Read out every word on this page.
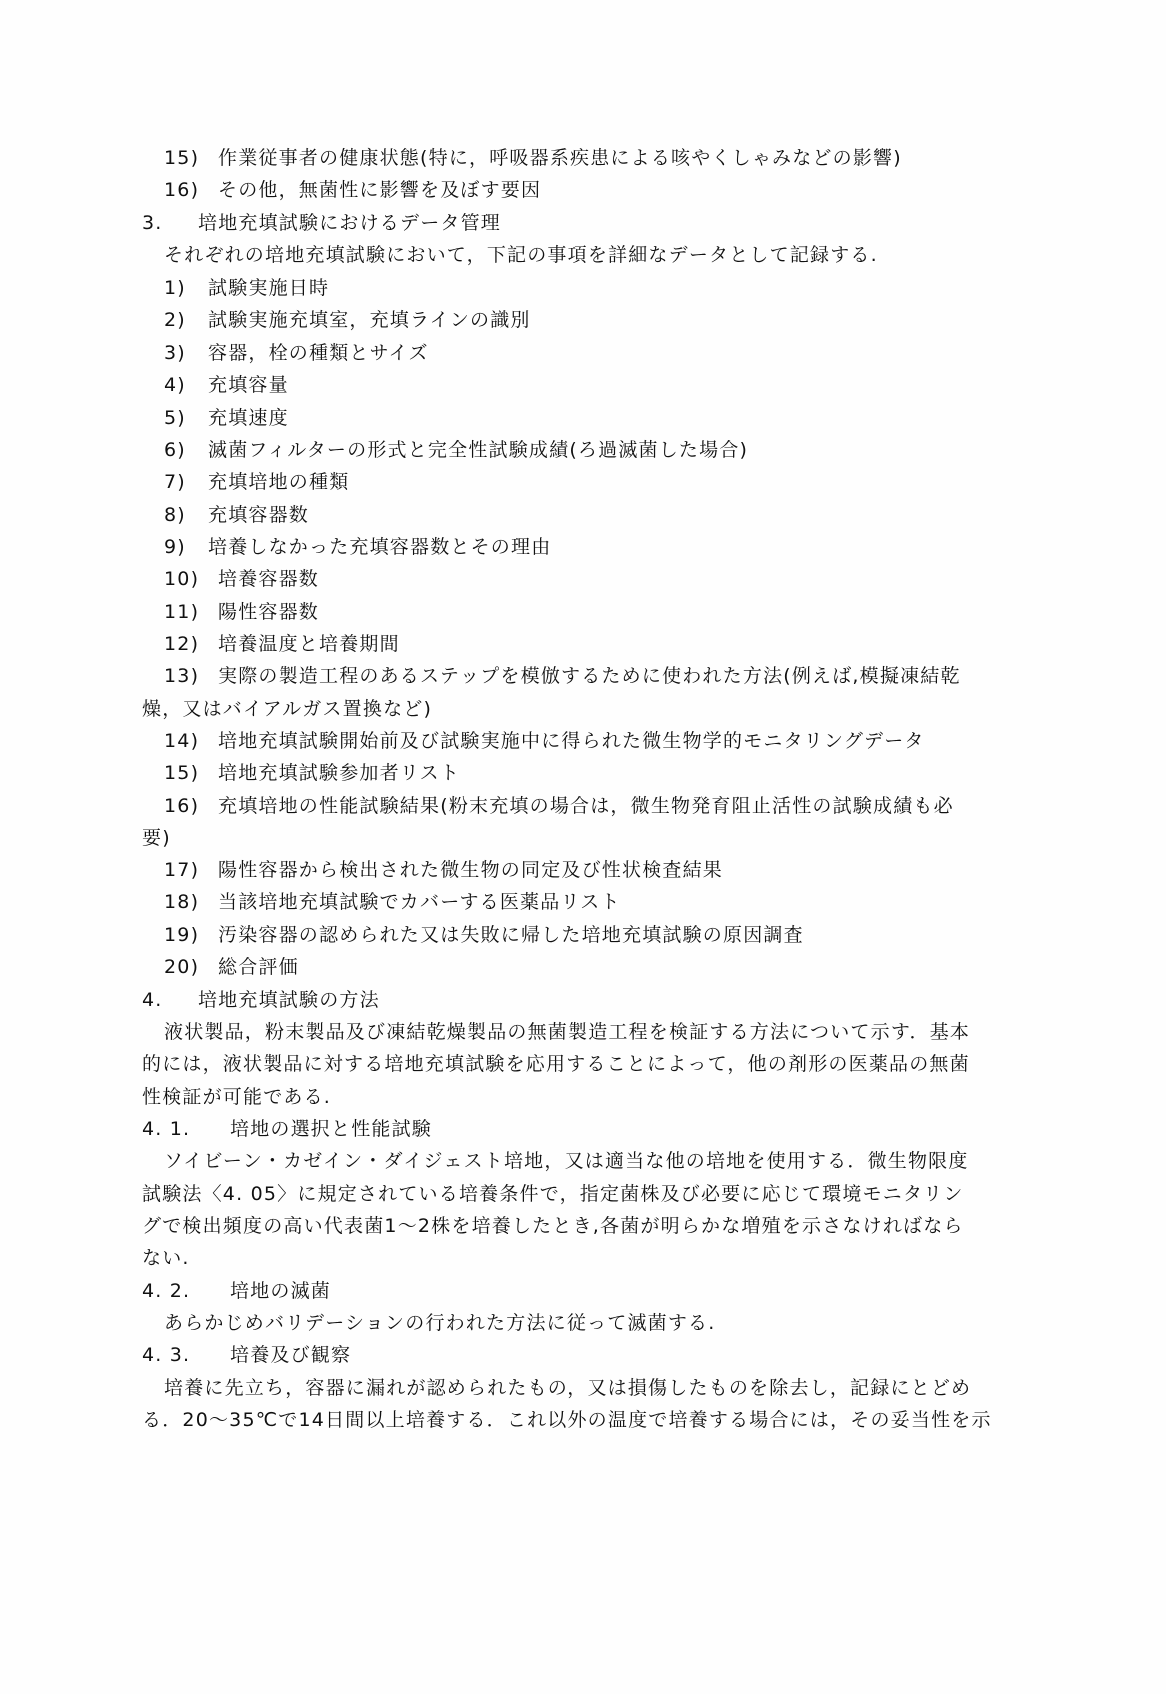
15) 作業従事者の健康状態(特に，呼吸器系疾患による咳やくしゃみなどの影響)
16) その他，無菌性に影響を及ぼす要因
3. 培地充填試験におけるデータ管理
それぞれの培地充填試験において，下記の事項を詳細なデータとして記録する.
1) 試験実施日時
2) 試験実施充填室，充填ラインの識別
3) 容器，栓の種類とサイズ
4) 充填容量
5) 充填速度
6) 滅菌フィルターの形式と完全性試験成績(ろ過滅菌した場合)
7) 充填培地の種類
8) 充填容器数
9) 培養しなかった充填容器数とその理由
10) 培養容器数
11) 陽性容器数
12) 培養温度と培養期間
13) 実際の製造工程のあるステップを模倣するために使われた方法(例えば,模擬凍結乾
燥，又はバイアルガス置換など)
14) 培地充填試験開始前及び試験実施中に得られた微生物学的モニタリングデータ
15) 培地充填試験参加者リスト
16) 充填培地の性能試験結果(粉末充填の場合は，微生物発育阻止活性の試験成績も必
要)
17) 陽性容器から検出された微生物の同定及び性状検査結果
18) 当該培地充填試験でカバーする医薬品リスト
19) 汚染容器の認められた又は失敗に帰した培地充填試験の原因調査
20) 総合評価
4. 培地充填試験の方法
液状製品，粉末製品及び凍結乾燥製品の無菌製造工程を検証する方法について示す．基本
的には，液状製品に対する培地充填試験を応用することによって，他の剤形の医薬品の無菌
性検証が可能である.
4. 1. 培地の選択と性能試験
ソイビーン・カゼイン・ダイジェスト培地，又は適当な他の培地を使用する．微生物限度
試験法〈4. 05〉に規定されている培養条件で，指定菌株及び必要に応じて環境モニタリン
グで検出頻度の高い代表菌1～2株を培養したとき,各菌が明らかな増殖を示さなければなら
ない.
4. 2. 培地の滅菌
あらかじめバリデーションの行われた方法に従って滅菌する.
4. 3. 培養及び観察
培養に先立ち，容器に漏れが認められたもの，又は損傷したものを除去し，記録にとどめ
る．20～35℃で14日間以上培養する．これ以外の温度で培養する場合には，その妥当性を示
